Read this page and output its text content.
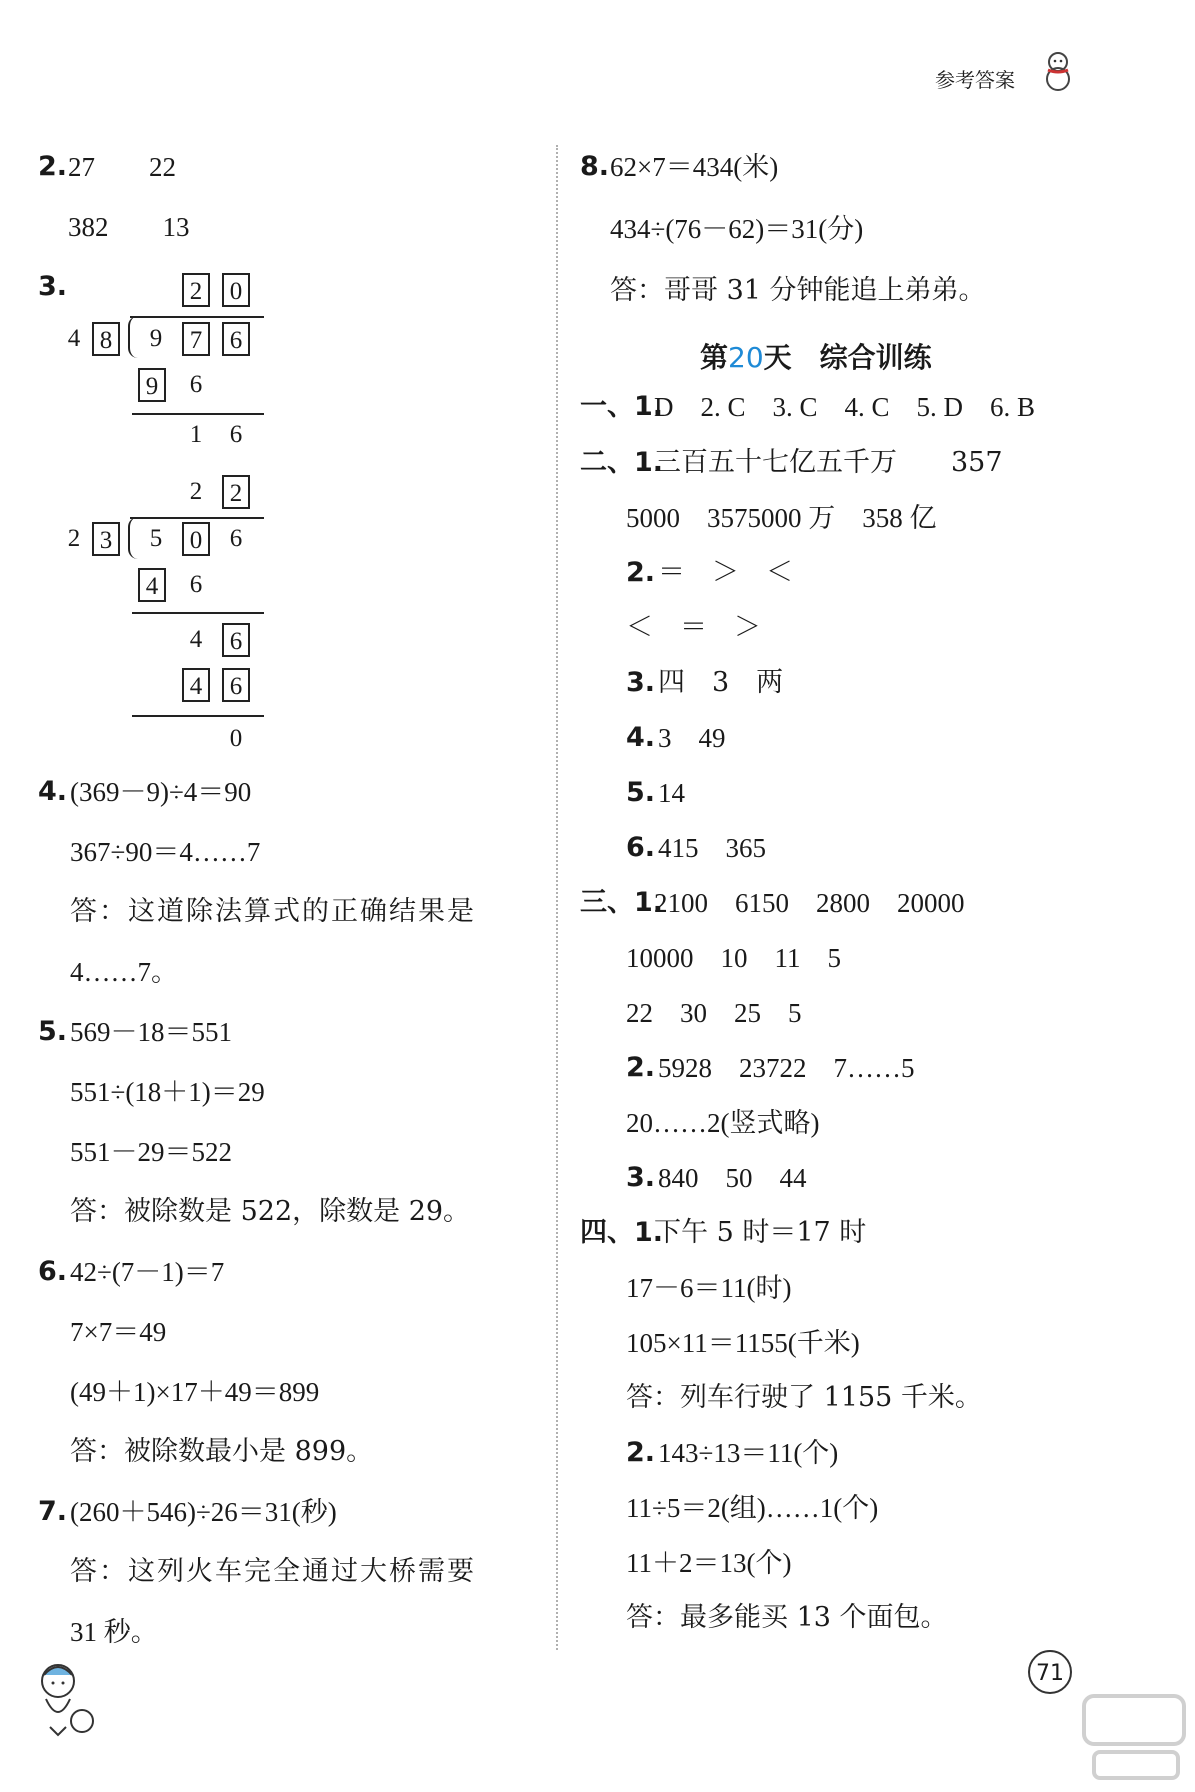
参考答案
2. 27　　22
382　　13
3.	2	0
4 8	9	7	6
9	6
1	6
2	2
2 3	5	0	6
4	6
4	6
4	6
0
4. (369－9)÷4＝90
367÷90＝4……7
答：这道除法算式的正确结果是
4……7。
5. 569－18＝551
551÷(18＋1)＝29
551－29＝522
答：被除数是 522，除数是 29。
6. 42÷(7－1)＝7
7×7＝49
(49＋1)×17＋49＝899
答：被除数最小是 899。
7. (260＋546)÷26＝31(秒)
答：这列火车完全通过大桥需要
31 秒。
8. 62×7＝434(米)
434÷(76－62)＝31(分)
答：哥哥 31 分钟能追上弟弟。
第20天　综合训练
一、1.
D　2. C　3. C　4. C　5. D　6. B
二、1.
三百五十七亿五千万　　357
5000　3575000 万　358 亿
2. ＝　＞　＜
＜　＝　＞
3. 四　3　两
4. 3　49
5. 14
6. 415　365
三、1.
2100　6150　2800　20000
10000　10　11　5
22　30　25　5
2. 5928　23722　7……5
20……2(竖式略)
3. 840　50　44
四、1.
下午 5 时＝17 时
17－6＝11(时)
105×11＝1155(千米)
答：列车行驶了 1155 千米。
2. 143÷13＝11(个)
11÷5＝2(组)……1(个)
11＋2＝13(个)
答：最多能买 13 个面包。
71
